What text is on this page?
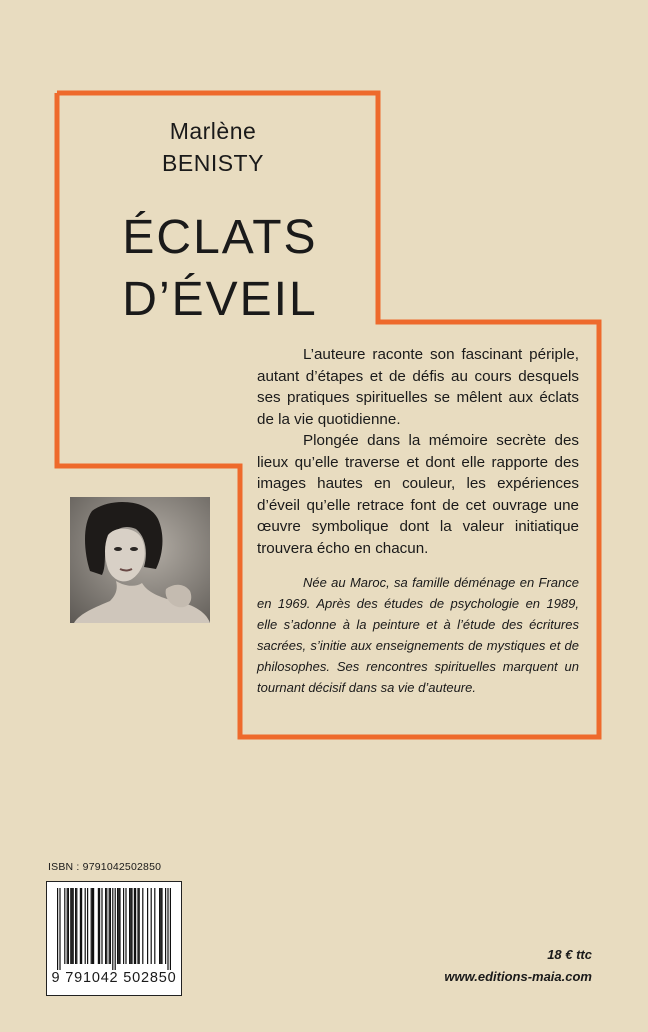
Marlène
BENISTY
ÉCLATS
D’ÉVEIL

L’auteure raconte son fascinant périple, autant d’étapes et de défis au cours desquels ses pratiques spirituelles se mêlent aux éclats de la vie quotidienne.

Plongée dans la mémoire secrète des lieux qu’elle traverse et dont elle rapporte des images hautes en couleur, les expériences d’éveil qu’elle retrace font de cet ouvrage une œuvre symbolique dont la valeur initiatique trouvera écho en chacun.

Née au Maroc, sa famille déménage en France en 1969. Après des études de psychologie en 1989, elle s’adonne à la peinture et à l’étude des écritures sacrées, s’initie aux enseignements de mystiques et de philosophes. Ses rencontres spirituelles marquent un tournant décisif dans sa vie d’auteure.

ISBN : 9791042502850
9 791042 502850
18 € ttc
www.editions-maia.com
